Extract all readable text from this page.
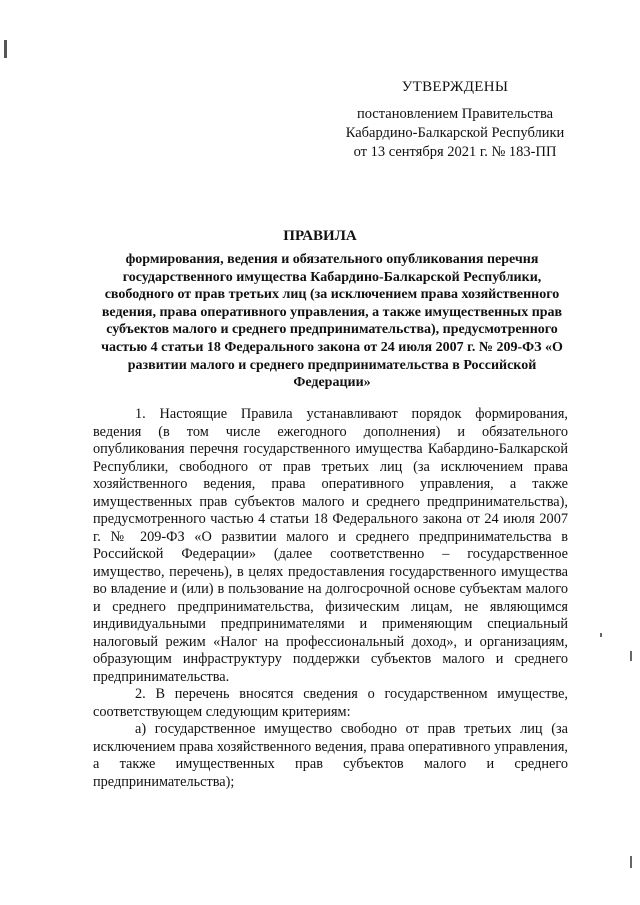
УТВЕРЖДЕНЫ
постановлением Правительства
Кабардино-Балкарской Республики
от 13 сентября 2021 г. № 183-ПП
ПРАВИЛА
формирования, ведения и обязательного опубликования перечня государственного имущества Кабардино-Балкарской Республики, свободного от прав третьих лиц (за исключением права хозяйственного ведения, права оперативного управления, а также имущественных прав субъектов малого и среднего предпринимательства), предусмотренного частью 4 статьи 18 Федерального закона от 24 июля 2007 г. № 209-ФЗ «О развитии малого и среднего предпринимательства в Российской Федерации»

1. Настоящие Правила устанавливают порядок формирования, ведения (в том числе ежегодного дополнения) и обязательного опубликования перечня государственного имущества Кабардино-Балкарской Республики, свободного от прав третьих лиц (за исключением права хозяйственного ведения, права оперативного управления, а также имущественных прав субъектов малого и среднего предпринимательства), предусмотренного частью 4 статьи 18 Федерального закона от 24 июля 2007 г. № 209-ФЗ «О развитии малого и среднего предпринимательства в Российской Федерации» (далее соответственно – государственное имущество, перечень), в целях предоставления государственного имущества во владение и (или) в пользование на долгосрочной основе субъектам малого и среднего предпринимательства, физическим лицам, не являющимся индивидуальными предпринимателями и применяющим специальный налоговый режим «Налог на профессиональный доход», и организациям, образующим инфраструктуру поддержки субъектов малого и среднего предпринимательства.

2. В перечень вносятся сведения о государственном имуществе, соответствующем следующим критериям:

а) государственное имущество свободно от прав третьих лиц (за исключением права хозяйственного ведения, права оперативного управления, а также имущественных прав субъектов малого и среднего предпринимательства);
